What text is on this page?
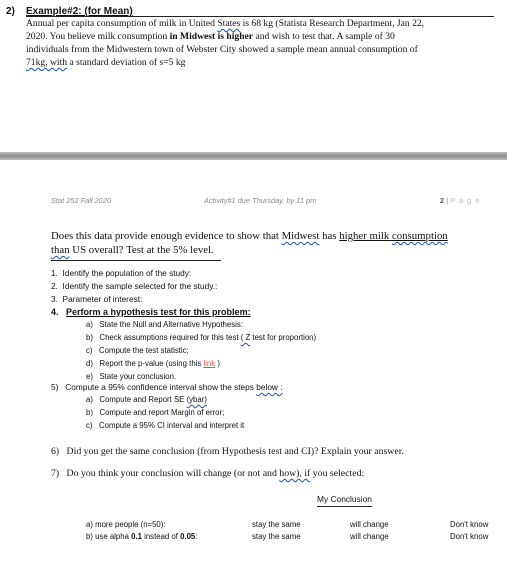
2) Example#2: (for Mean)
Annual per capita consumption of milk in United States is 68 kg (Statista Research Department, Jan 22,
2020. You believe milk consumption in Midwest is higher and wish to test that. A sample of 30
individuals from the Midwestern town of Webster City showed a sample mean annual consumption of
71kg, with a standard deviation of s=5 kg
Stat 252 Fall 2020	Activity#1 due Thursday, by 11 pm	2 | P a g e
Does this data provide enough evidence to show that Midwest has higher milk consumption
than US overall? Test at the 5% level.
1. Identify the population of the study:
2. Identify the sample selected for the study.:
3. Parameter of interest:
4. Perform a hypothesis test for this problem:
a) State the Null and Alternative Hypothesis:
b)   Check assumptions required for this test ( Z test for proportion)
c) Compute the test statistic;
d) Report the p-value (using this link )
e) State your conclusion.
5)   Compute a 95% confidence interval show the steps below :
a)   Compute and Report SE (ybar)
b) Compute and report Margin of error;
c) Compute a 95% CI interval and interpret it
6) Did you get the same conclusion (from Hypothesis test and CI)? Explain your answer.
7)   Do you think your conclusion will change (or not and how), if you selected:
My Conclusion
a) more people (n=50):	stay the same	will change	Don't know
b) use alpha 0.1 instead of 0.05:	stay the same	will change	Don't know
